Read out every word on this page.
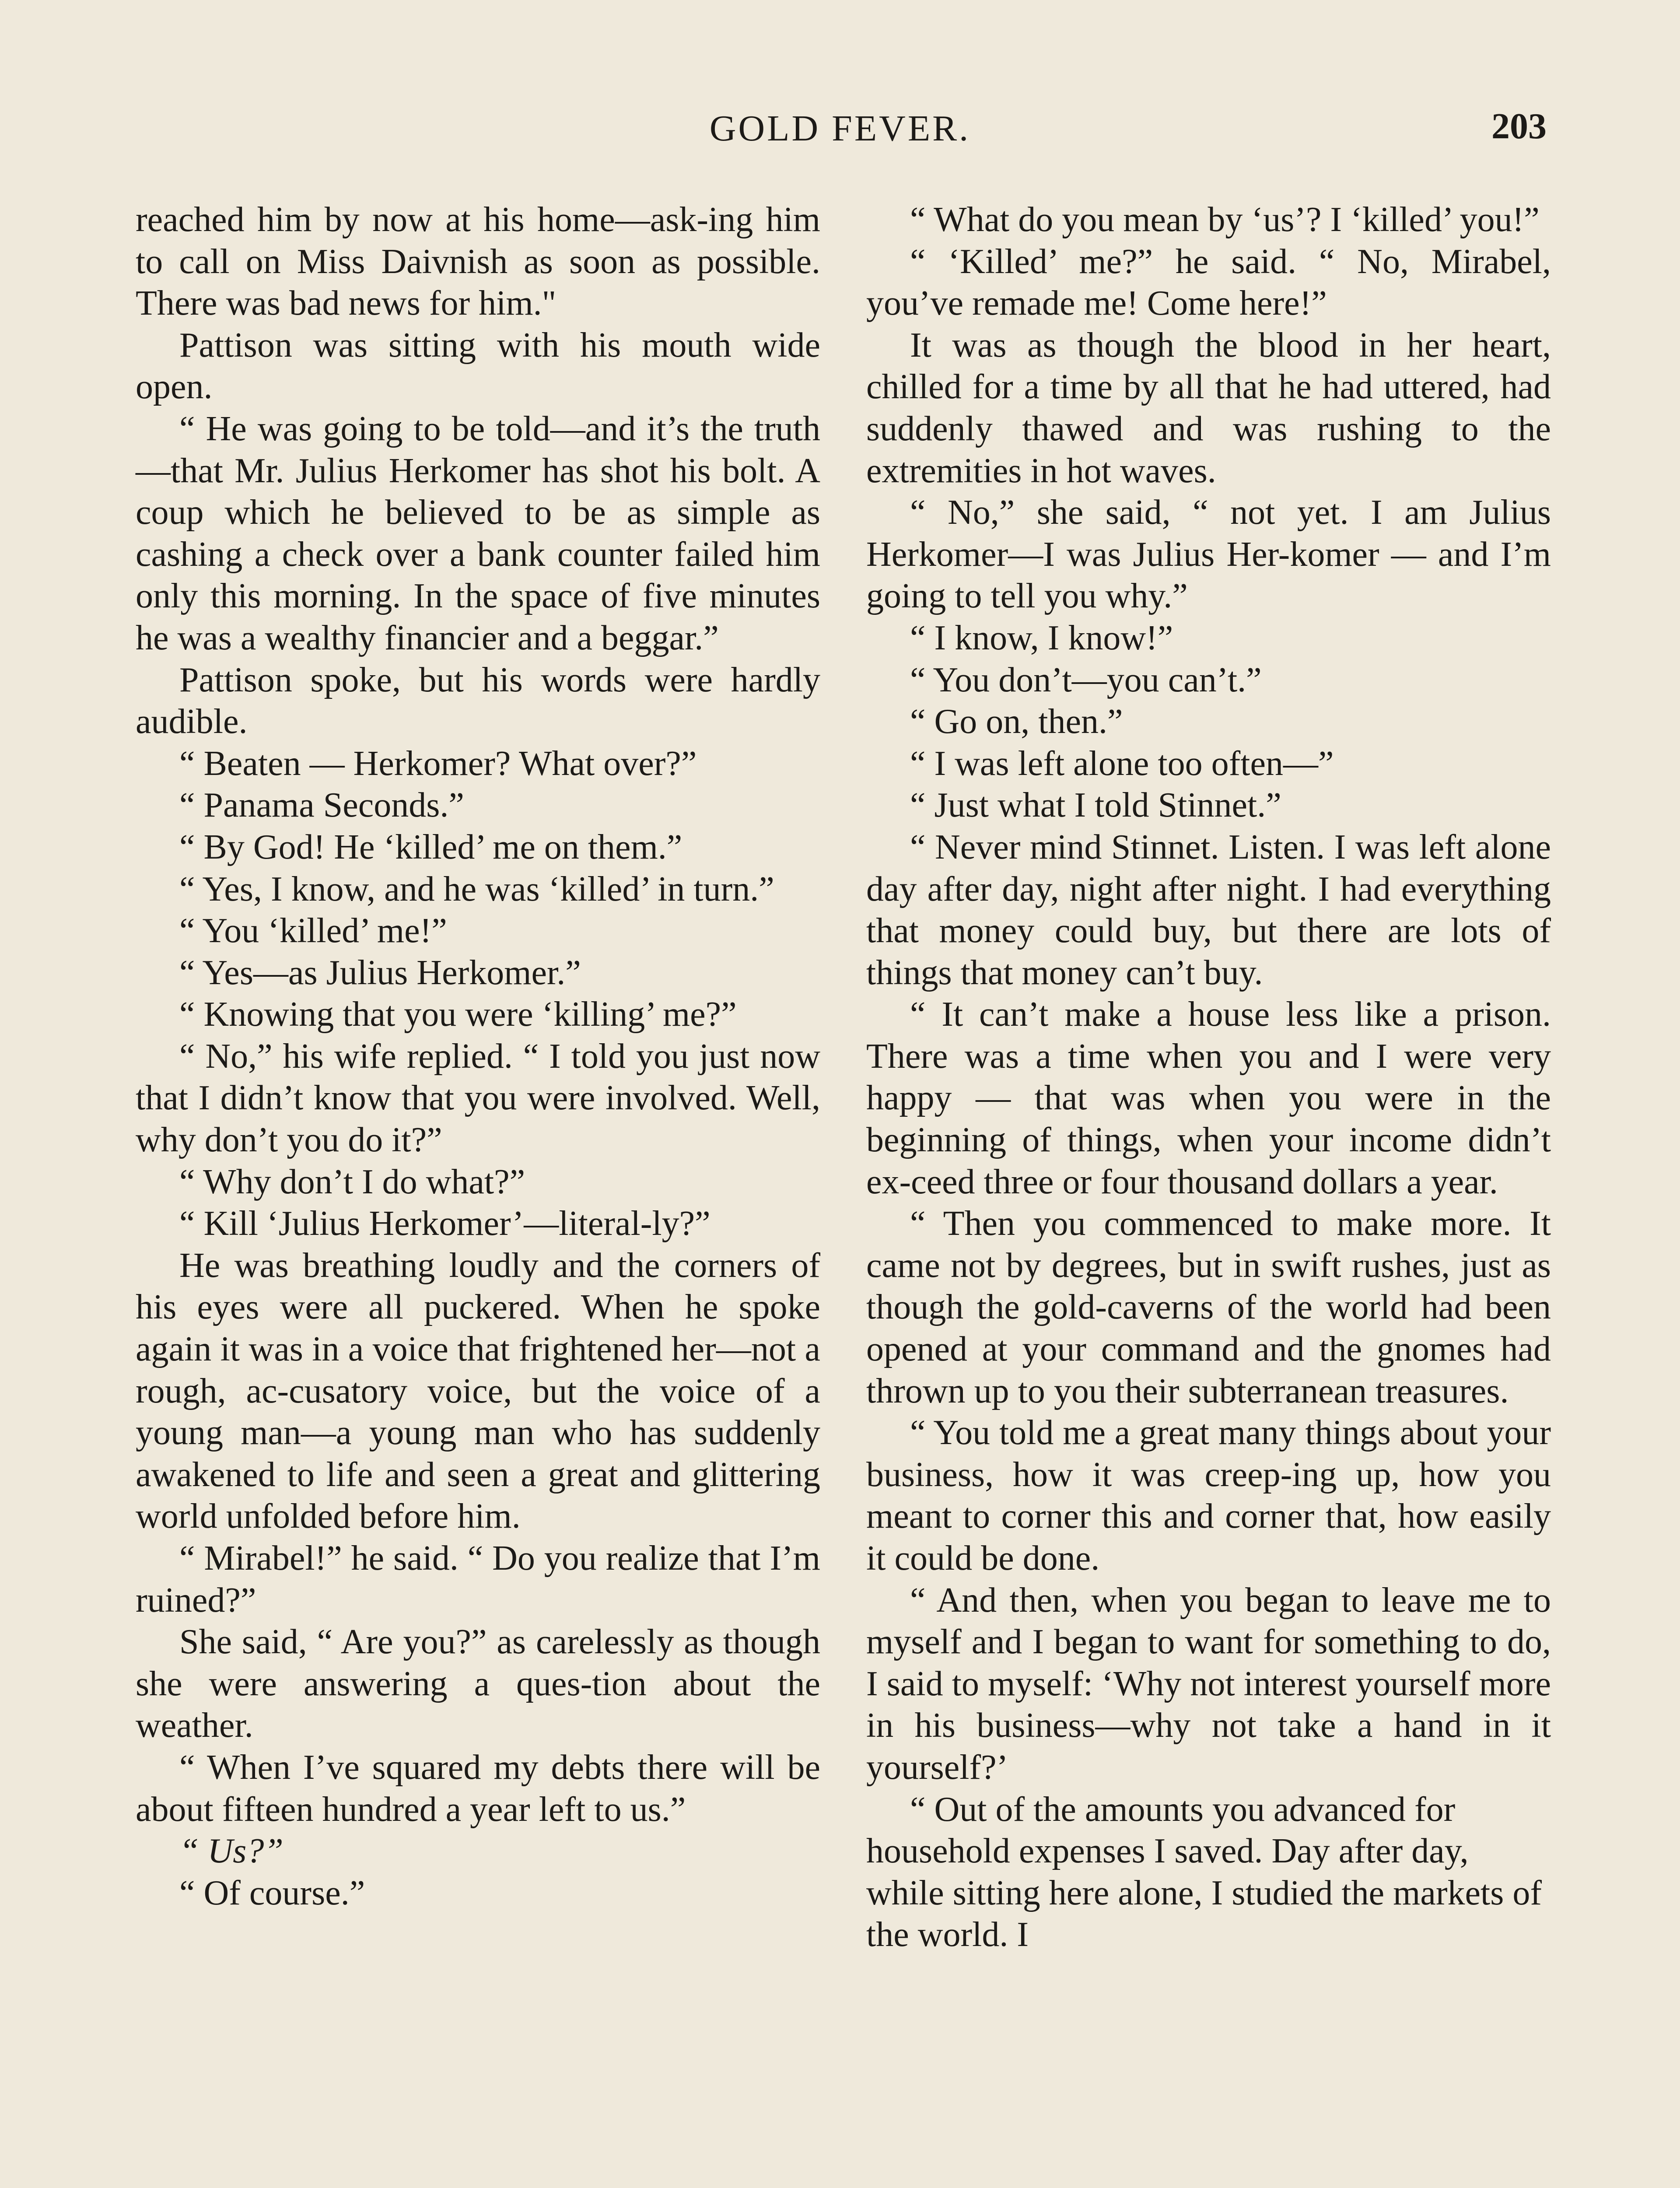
GOLD FEVER.	203

reached him by now at his home—ask-ing him to call on Miss Daivnish as soon as possible. There was bad news for him."

Pattison was sitting with his mouth wide open.

“ He was going to be told—and it’s the truth—that Mr. Julius Herkomer has shot his bolt. A coup which he believed to be as simple as cashing a check over a bank counter failed him only this morning. In the space of five minutes he was a wealthy financier and a beggar.”

Pattison spoke, but his words were hardly audible.

“ Beaten — Herkomer? What over?”

“ Panama Seconds.”

“ By God! He ‘killed’ me on them.”

“ Yes, I know, and he was ‘killed’ in turn.”

“ You ‘killed’ me!”

“ Yes—as Julius Herkomer.”

“ Knowing that you were ‘killing’ me?”

“ No,” his wife replied. “ I told you just now that I didn’t know that you were involved. Well, why don’t you do it?”

“ Why don’t I do what?”

“ Kill ‘Julius Herkomer’—literal-ly?”

He was breathing loudly and the corners of his eyes were all puckered. When he spoke again it was in a voice that frightened her—not a rough, ac-cusatory voice, but the voice of a young man—a young man who has suddenly awakened to life and seen a great and glittering world unfolded before him.

“ Mirabel!” he said. “ Do you realize that I’m ruined?”

She said, “ Are you?” as carelessly as though she were answering a ques-tion about the weather.

“ When I’ve squared my debts there will be about fifteen hundred a year left to us.”

“ Us?”

“ Of course.”

“ What do you mean by ‘us’? I ‘killed’ you!”

“ ‘Killed’ me?” he said. “ No, Mirabel, you’ve remade me! Come here!”

It was as though the blood in her heart, chilled for a time by all that he had uttered, had suddenly thawed and was rushing to the extremities in hot waves.

“ No,” she said, “ not yet. I am Julius Herkomer—I was Julius Her-komer — and I’m going to tell you why.”

“ I know, I know!”

“ You don’t—you can’t.”

“ Go on, then.”

“ I was left alone too often—”

“ Just what I told Stinnet.”

“ Never mind Stinnet. Listen. I was left alone day after day, night after night. I had everything that money could buy, but there are lots of things that money can’t buy.

“ It can’t make a house less like a prison. There was a time when you and I were very happy — that was when you were in the beginning of things, when your income didn’t ex-ceed three or four thousand dollars a year.

“ Then you commenced to make more. It came not by degrees, but in swift rushes, just as though the gold-caverns of the world had been opened at your command and the gnomes had thrown up to you their subterranean treasures.

“ You told me a great many things about your business, how it was creep-ing up, how you meant to corner this and corner that, how easily it could be done.

“ And then, when you began to leave me to myself and I began to want for something to do, I said to myself: ‘Why not interest yourself more in his business—why not take a hand in it yourself?’

“ Out of the amounts you advanced for household expenses I saved. Day after day, while sitting here alone, I studied the markets of the world. I
